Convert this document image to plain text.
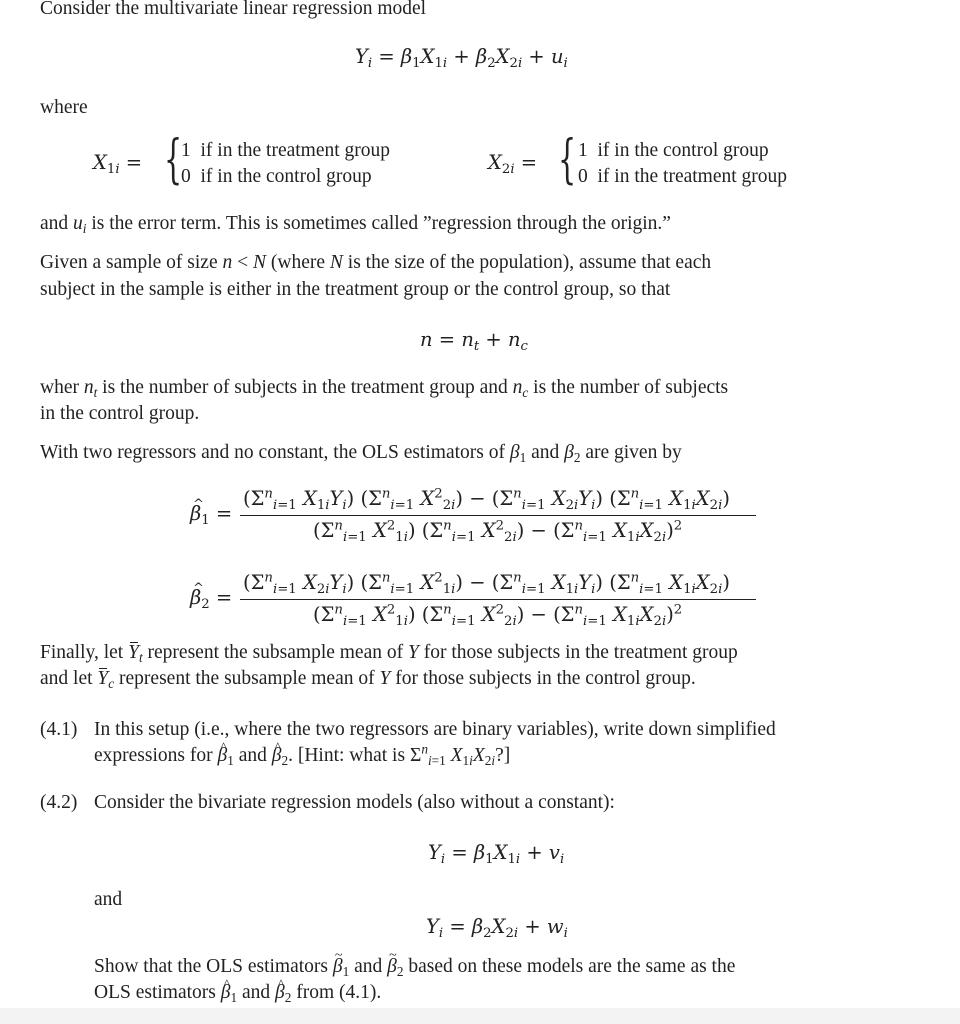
Consider the multivariate linear regression model
$Y_i = \beta_1X_{1i} + \beta_2X_{2i} + u_i$
where
$X_{1i}$ = {
1 if in the treatment group
0 if in the control group
$X_{2i}$ = { 1 if in the control group
0 if in the treatment group
and $u_i$ is the error term. This is sometimes called ”regression through the origin.”
Given a sample of size n < N (where N is the size of the population), assume that each
subject in the sample is either in the treatment group or the control group, so that
$n = n_t + n_c$
wher $n_t$ is the number of subjects in the treatment group and $n_c$ is the number of subjects
in the control group.
With two regressors and no constant, the OLS estimators of $\beta_1$ and $\beta_2$ are given by
^ $\beta_1$ =
($\Sigma^n_{i=1}$ $X_{1i}Y_i$) ($\Sigma^n_{i=1}$ $X^2_{2i}) - (\Sigma^n_{i=1}$ $X_{2i}Y_i$) ($\Sigma^n_{i=1}$ $X_{1i}X_{2i}$)
($\Sigma^n_{i=1}$ $X^2_{1i}$) ($\Sigma^n_{i=1}$ $X^2_{2i}) - (\Sigma^n_{i=1}$ $X_{1i}X_{2i})^2$
^ $\beta_2$ =
($\Sigma^n_{i=1}$ $X_{2i}Y_i$) ($\Sigma^n_{i=1}$ $X^2_{1i}) - (\Sigma^n_{i=1}$ $X_{1i}Y_i$) ($\Sigma^n_{i=1}$ $X_{1i}X_{2i}$)
($\Sigma^n_{i=1}$ $X^2_{1i}$) ($\Sigma^n_{i=1}$ $X^2_{2i}) - (\Sigma^n_{i=1}$ $X_{1i}X_{2i})^2$
Finally, let $Y_t$ represent the subsample mean of Y for those subjects in the treatment group
and let $Y_c$ represent the subsample mean of Y for those subjects in the control group.
(4.1) In this setup (i.e., where the two regressors are binary variables), write down simplified
expressions for ^ $\beta_1$ and ^ $\beta_2$. [Hint: what is $\Sigma^n_{i=1}$ $X_{1i}X_{2i}$?]
(4.2) Consider the bivariate regression models (also without a constant):
$Y_i = \beta_1X_{1i} + v_i$
and
$Y_i = \beta_2X_{2i} + w_i$
Show that the OLS estimators ~ $\beta_1$ and ~ $\beta_2$ based on these models are the same as the
OLS estimators ^ $\beta_1$ and ^ $\beta_2$ from (4.1).
